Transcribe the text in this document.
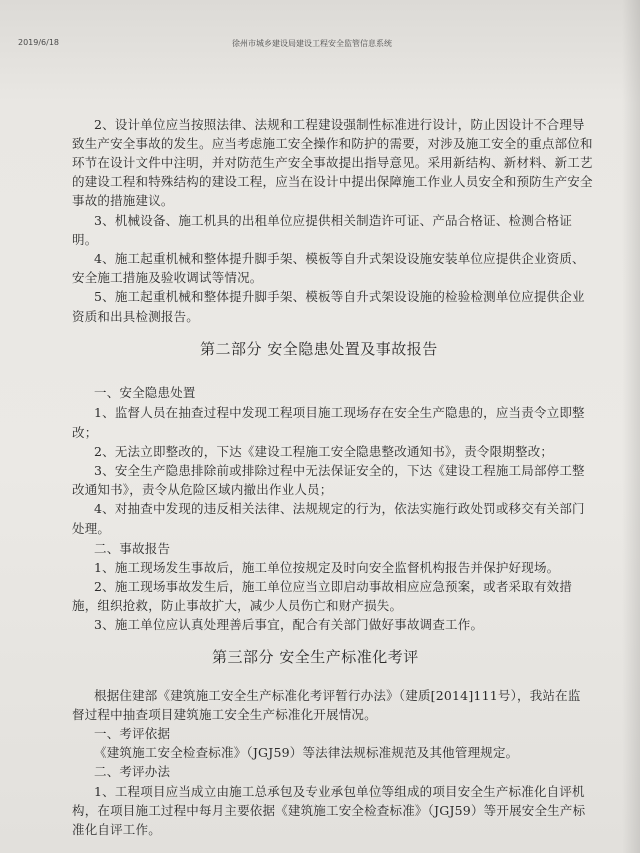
2019/6/18	徐州市城乡建设局建设工程安全监管信息系统
2、设计单位应当按照法律、法规和工程建设强制性标准进行设计，防止因设计不合理导
致生产安全事故的发生。应当考虑施工安全操作和防护的需要，对涉及施工安全的重点部位和
环节在设计文件中注明，并对防范生产安全事故提出指导意见。采用新结构、新材料、新工艺
的建设工程和特殊结构的建设工程，应当在设计中提出保障施工作业人员安全和预防生产安全
事故的措施建议。
3、机械设备、施工机具的出租单位应提供相关制造许可证、产品合格证、检测合格证
明。
4、施工起重机械和整体提升脚手架、模板等自升式架设设施安装单位应提供企业资质、
安全施工措施及验收调试等情况。
5、施工起重机械和整体提升脚手架、模板等自升式架设设施的检验检测单位应提供企业
资质和出具检测报告。
第二部分 安全隐患处置及事故报告
一、安全隐患处置
1、监督人员在抽查过程中发现工程项目施工现场存在安全生产隐患的，应当责令立即整
改；
2、无法立即整改的，下达《建设工程施工安全隐患整改通知书》，责令限期整改；
3、安全生产隐患排除前或排除过程中无法保证安全的，下达《建设工程施工局部停工整
改通知书》，责令从危险区域内撤出作业人员；
4、对抽查中发现的违反相关法律、法规规定的行为，依法实施行政处罚或移交有关部门
处理。
二、事故报告
1、施工现场发生事故后，施工单位按规定及时向安全监督机构报告并保护好现场。
2、施工现场事故发生后，施工单位应当立即启动事故相应应急预案，或者采取有效措
施，组织抢救，防止事故扩大，减少人员伤亡和财产损失。
3、施工单位应认真处理善后事宜，配合有关部门做好事故调查工作。
第三部分 安全生产标准化考评
根据住建部《建筑施工安全生产标准化考评暂行办法》（建质[2014]111号），我站在监
督过程中抽查项目建筑施工安全生产标准化开展情况。
一、考评依据
《建筑施工安全检查标准》（JGJ59）等法律法规标准规范及其他管理规定。
二、考评办法
1、工程项目应当成立由施工总承包及专业承包单位等组成的项目安全生产标准化自评机
构，在项目施工过程中每月主要依据《建筑施工安全检查标准》（JGJ59）等开展安全生产标
准化自评工作。
